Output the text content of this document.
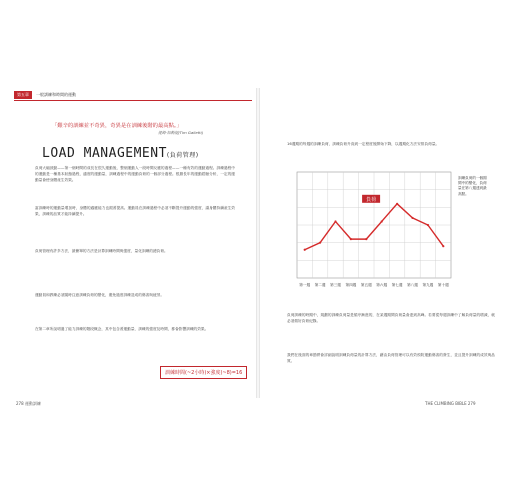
第五章	一般訓練和時間的運動
「艱辛的訓練並不奇異，奇異是在訓練後階的最高點。」
提姆·加勒提(Tim Galletti)
LOAD MANAGEMENT(負荷管理)
負荷大幅波動——第一個時間的成長在很久運動後，整個運動人一段時間反應的過程——一種有效的運動過程。訓練過程中的運動是一種基本狀態過程，適度的運動量，訓練過程中的運動負荷的一個部分過程。根據長年的運動經驗分析，一定的運動量會使身體產生效果。
當訓練時的運動量增加時，身體的適應能力也跟著提高。運動員在訓練過程中必須不斷提升運動的強度，讓身體持續產生效果，訓練的品質才能持續提升。
負荷管理有許多方法，最簡單的方法是計算訓練時間與強度，量化訓練的總負荷。
運動員和教練必須隨時注意訓練負荷的變化，避免過度訓練造成的傷害與疲勞。
在第二章所說明過了能力訓練的階段概念，其中包含著運動量、訓練的強度及時間，都會影響訓練的效果。
訓練時間(~2小時)×強度(~8)=16
278 運動訓練
16週期的每週的訓練負荷，訓練負荷升高到一定程度後開始下降，以週期化方法安排負荷量。
第一週 第二週 第三週 第四週 第五週 第六週 第七週 第八週 第九週 第十週
負荷
訓練負荷的一個期間中的變化，負荷量在第八週達到最高點。
負荷訓練的時期中，規劃的訓練負荷量是循序漸進的，在某週期間負荷量會達到高峰。若要從每週訓練中了解負荷量的增減，就必須做好負荷紀錄。
我們在後面的章節將會詳細說明訓練負荷量的計算方法，藉由負荷管理可以有效預防運動傷害的發生，並且提升訓練的成效與品質。
THE CLIMBING BIBLE 279
